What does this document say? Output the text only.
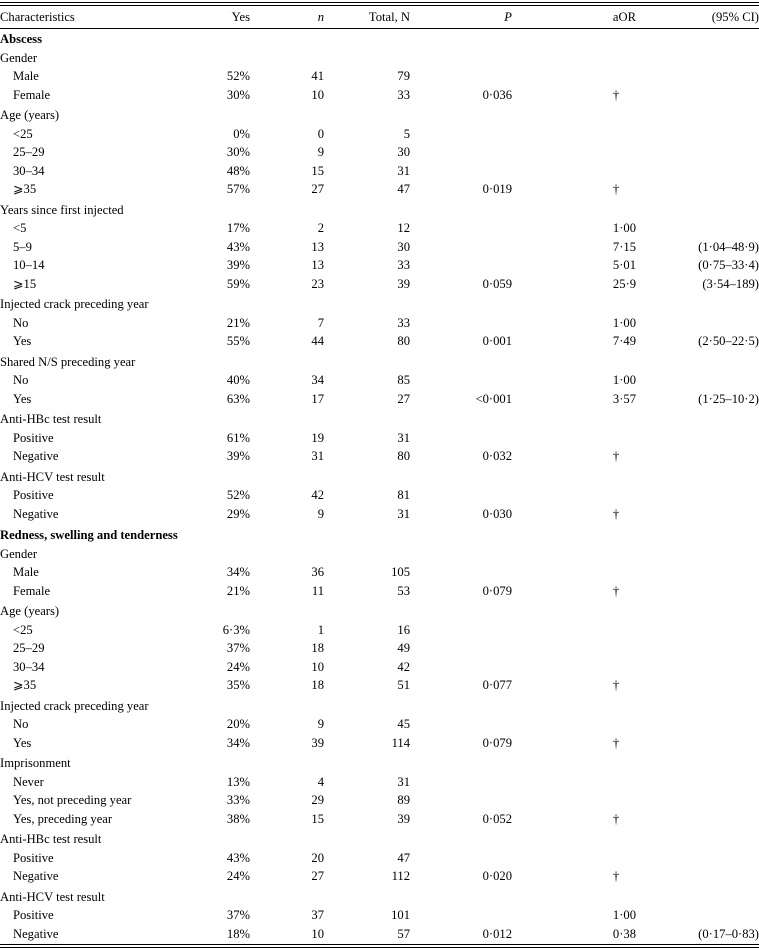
Characteristics	Yes	n	Total, N	P	aOR	(95% CI)
Abscess						
Gender						
Male	52%	41	79			
Female	30%	10	33	0·036	†	

Age (years)						
<25	0%	0	5			
25–29	30%	9	30			
30–34	48%	15	31			
⩾35	57%	27	47	0·019	†	

Years since first injected						
<5	17%	2	12		1·00	
5–9	43%	13	30		7·15	(1·04–48·9)
10–14	39%	13	33		5·01	(0·75–33·4)
⩾15	59%	23	39	0·059	25·9	(3·54–189)

Injected crack preceding year						
No	21%	7	33		1·00	
Yes	55%	44	80	0·001	7·49	(2·50–22·5)

Shared N/S preceding year						
No	40%	34	85		1·00	
Yes	63%	17	27	<0·001	3·57	(1·25–10·2)

Anti-HBc test result						
Positive	61%	19	31			
Negative	39%	31	80	0·032	†	

Anti-HCV test result						
Positive	52%	42	81			
Negative	29%	9	31	0·030	†	
Redness, swelling and tenderness						
Gender						
Male	34%	36	105			
Female	21%	11	53	0·079	†	

Age (years)						
<25	6·3%	1	16			
25–29	37%	18	49			
30–34	24%	10	42			
⩾35	35%	18	51	0·077	†	

Injected crack preceding year						
No	20%	9	45			
Yes	34%	39	114	0·079	†	

Imprisonment						
Never	13%	4	31			
Yes, not preceding year	33%	29	89			
Yes, preceding year	38%	15	39	0·052	†	

Anti-HBc test result						
Positive	43%	20	47			
Negative	24%	27	112	0·020	†	

Anti-HCV test result						
Positive	37%	37	101		1·00	
Negative	18%	10	57	0·012	0·38	(0·17–0·83)
